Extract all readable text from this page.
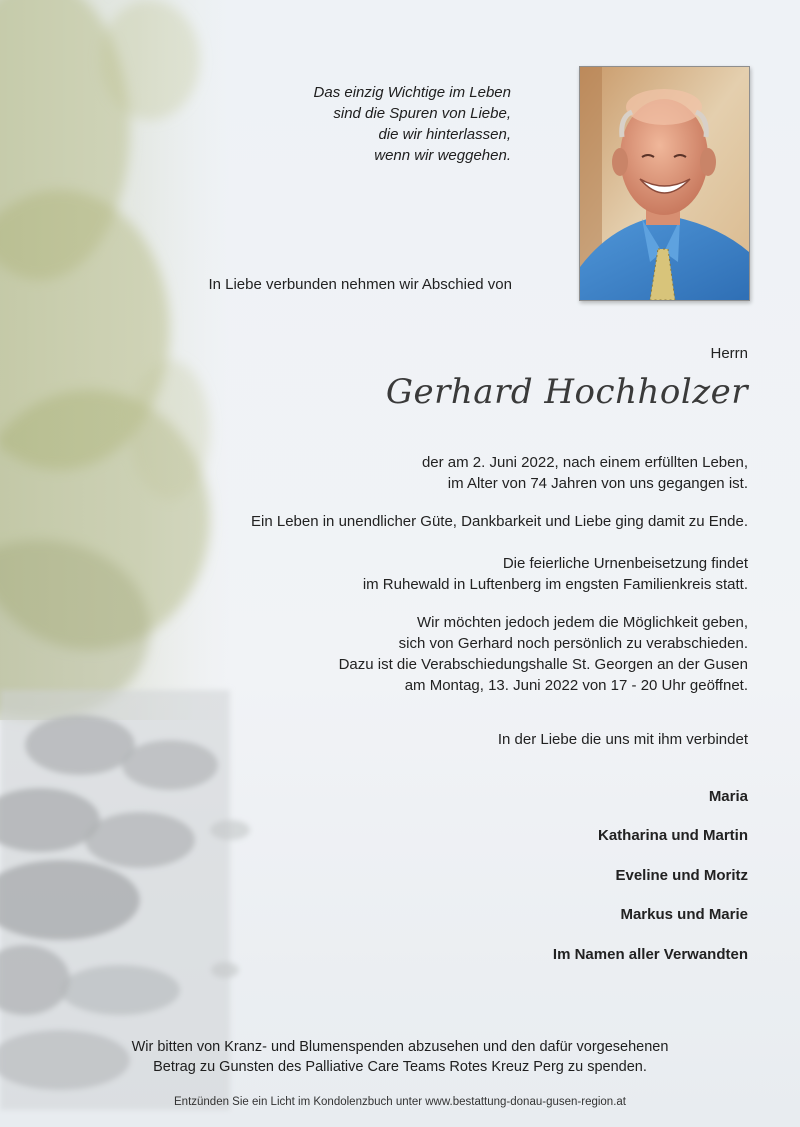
Das einzig Wichtige im Leben
sind die Spuren von Liebe,
die wir hinterlassen,
wenn wir weggehen.
In Liebe verbunden nehmen wir Abschied von
Herrn
Gerhard Hochholzer
der am 2. Juni 2022, nach einem erfüllten Leben,
im Alter von 74 Jahren von uns gegangen ist.
Ein Leben in unendlicher Güte, Dankbarkeit und Liebe ging damit zu Ende.
Die feierliche Urnenbeisetzung findet
im Ruhewald in Luftenberg im engsten Familienkreis statt.
Wir möchten jedoch jedem die Möglichkeit geben,
sich von Gerhard noch persönlich zu verabschieden.
Dazu ist die Verabschiedungshalle St. Georgen an der Gusen
am Montag, 13. Juni 2022 von 17 - 20 Uhr geöffnet.
In der Liebe die uns mit ihm verbindet
Maria
Katharina und Martin
Eveline und Moritz
Markus und Marie
Im Namen aller Verwandten
Wir bitten von Kranz- und Blumenspenden abzusehen und den dafür vorgesehenen
Betrag zu Gunsten des Palliative Care Teams Rotes Kreuz Perg zu spenden.
Entzünden Sie ein Licht im Kondolenzbuch unter www.bestattung-donau-gusen-region.at
